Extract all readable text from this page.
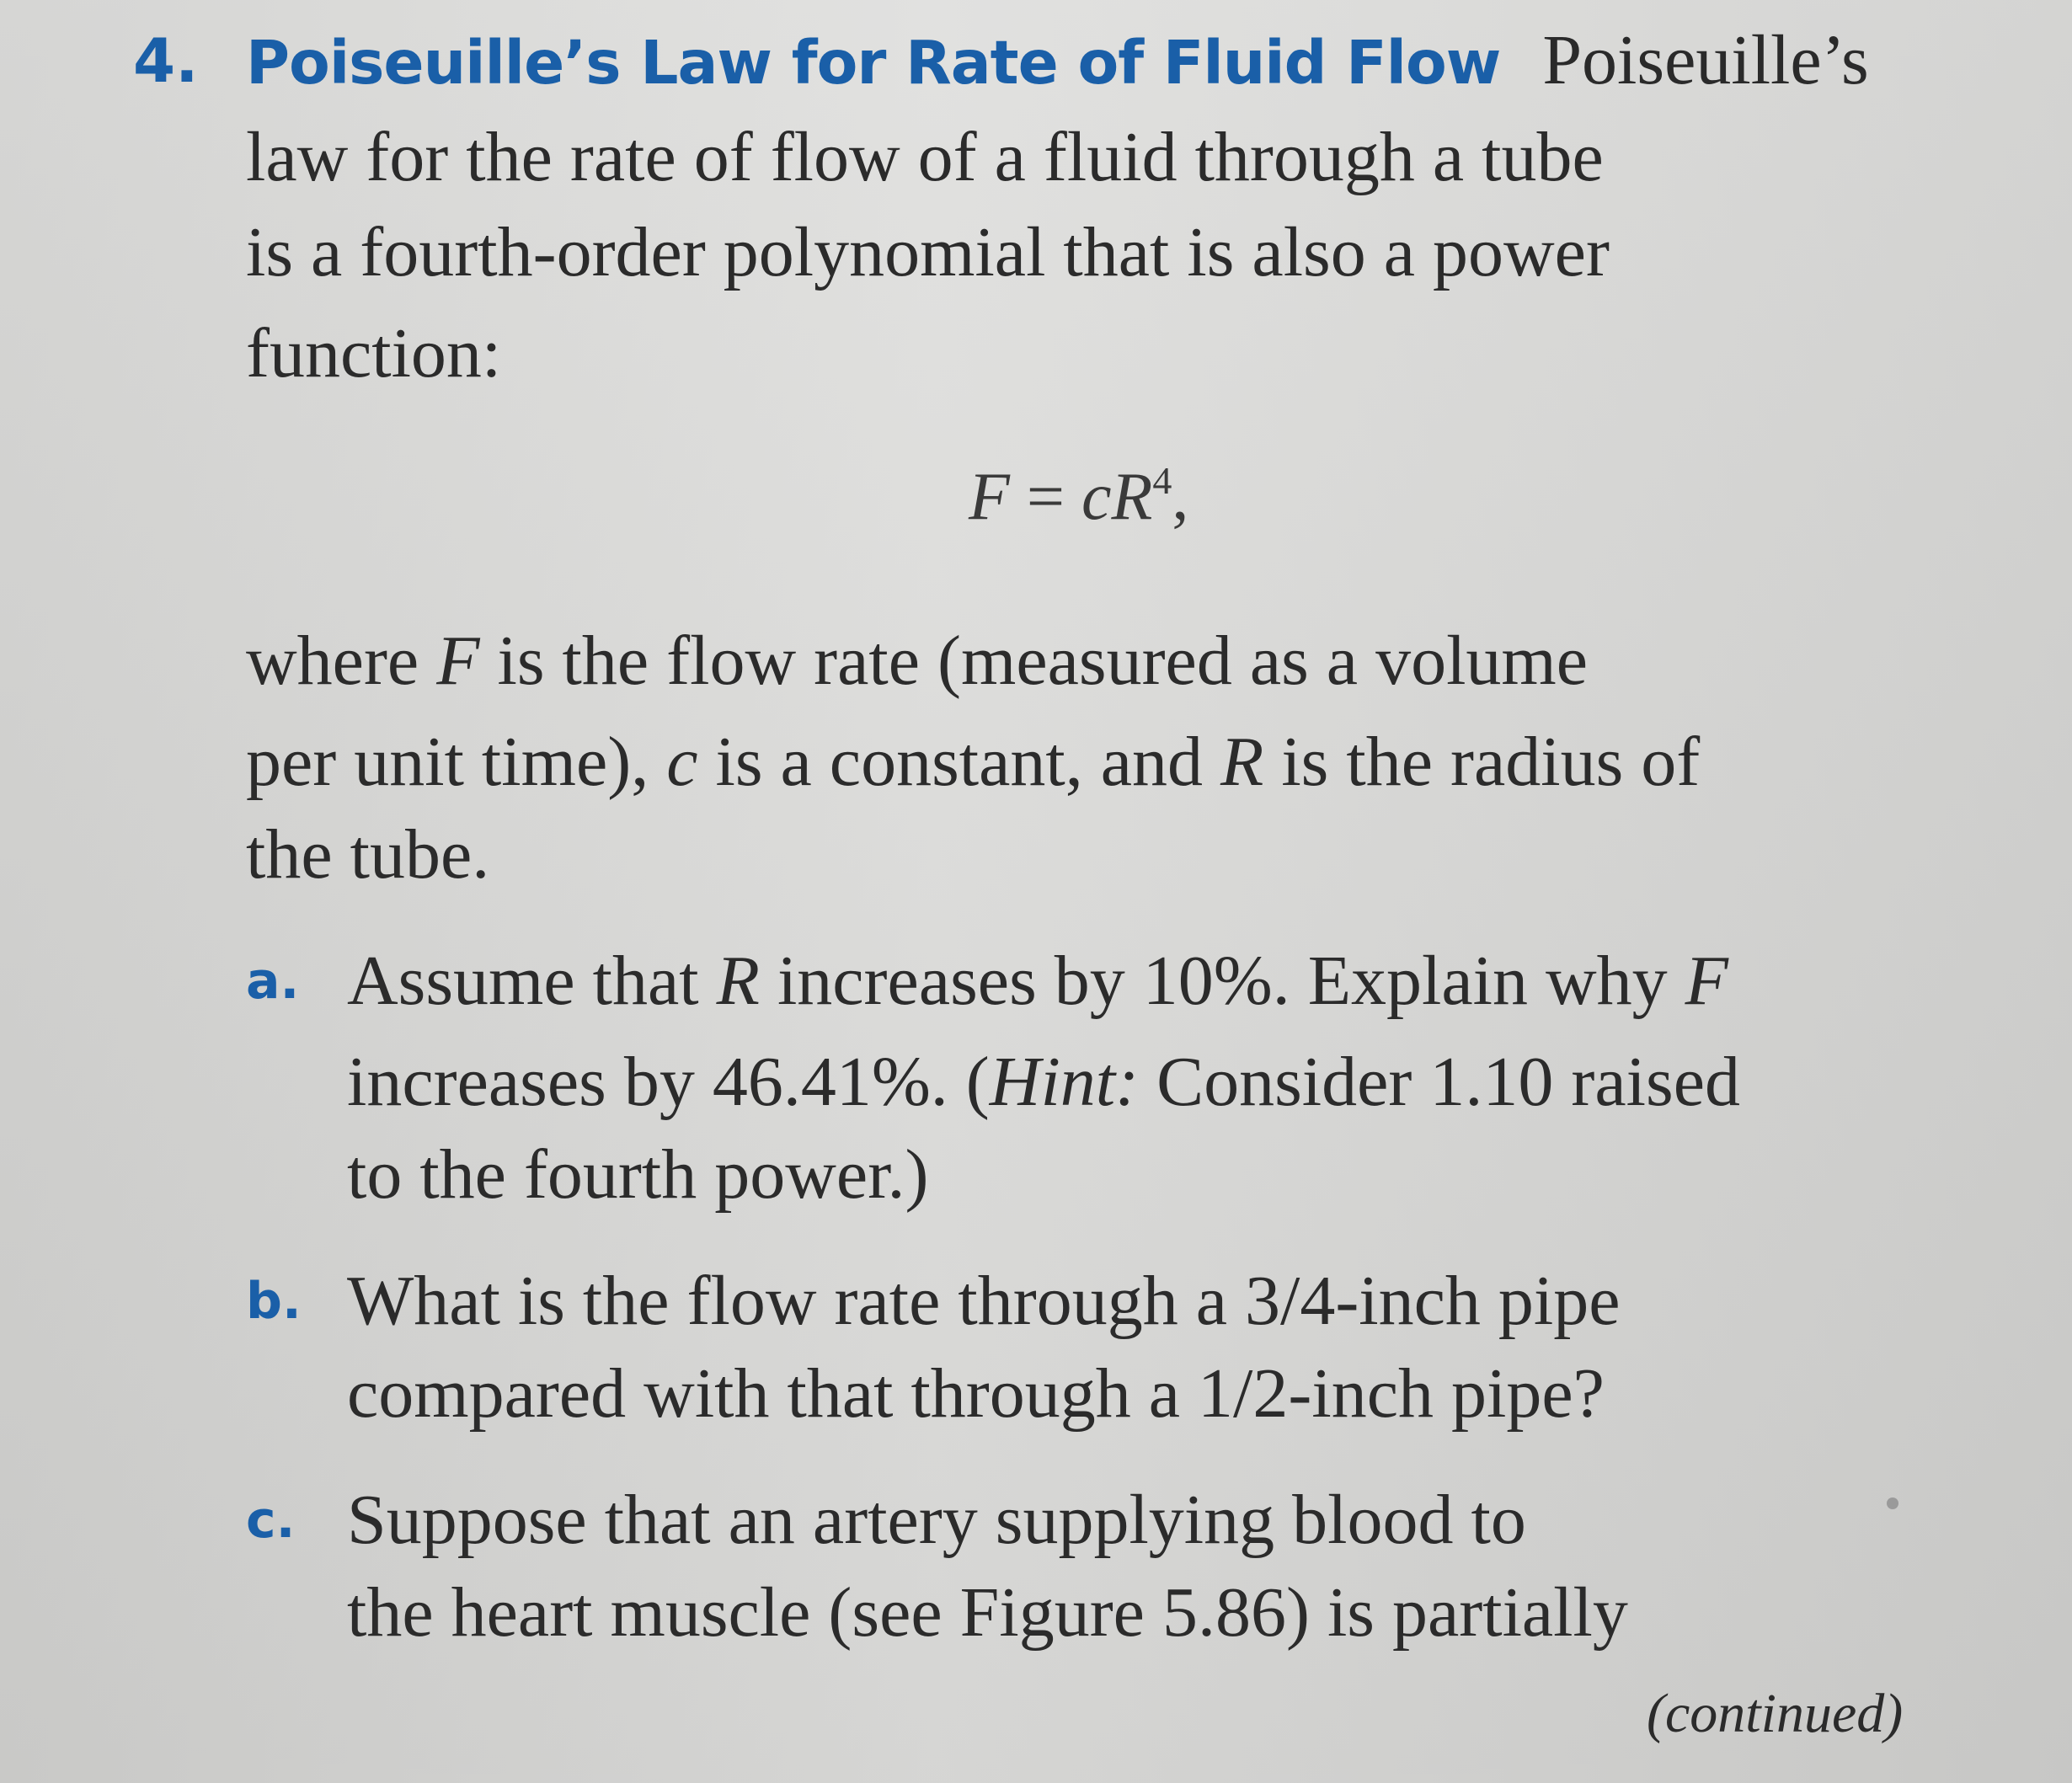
4. Poiseuille’s Law for Rate of Fluid Flow Poiseuille’s
law for the rate of flow of a fluid through a tube
is a fourth-order polynomial that is also a power
function:
$F = cR^4$,
where F is the flow rate (measured as a volume
per unit time), c is a constant, and R is the radius of
the tube.
a. Assume that R increases by 10%. Explain why F
increases by 46.41%. (Hint: Consider 1.10 raised
to the fourth power.)
b. What is the flow rate through a 3/4-inch pipe
compared with that through a 1/2-inch pipe?
c. Suppose that an artery supplying blood to
the heart muscle (see Figure 5.86) is partially
(continued)
